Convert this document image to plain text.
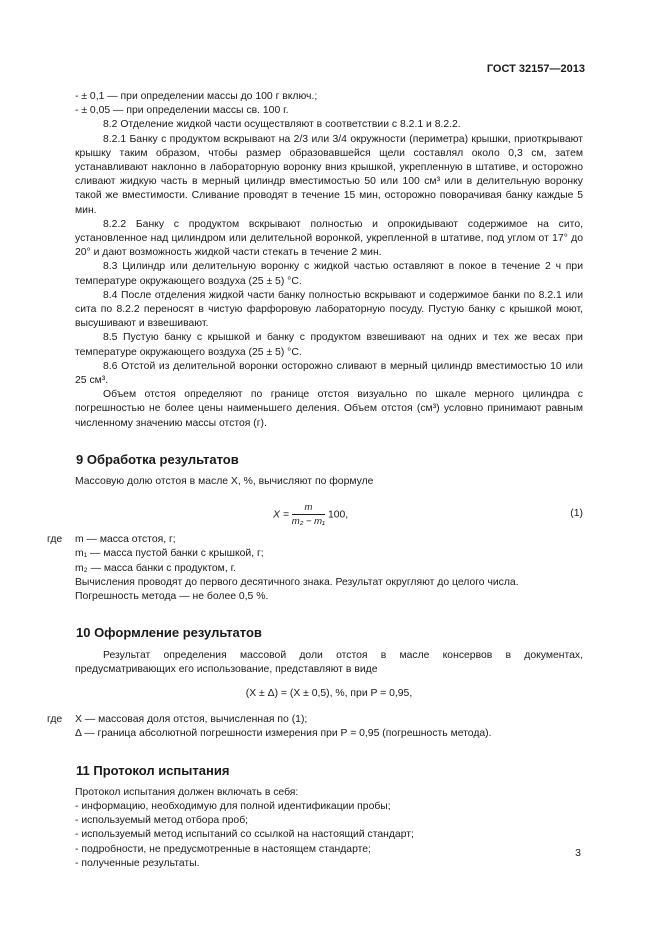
ГОСТ 32157—2013

- ± 0,1 — при определении массы до 100 г включ.;

- ± 0,05 — при определении массы св. 100 г.

8.2 Отделение жидкой части осуществляют в соответствии с 8.2.1 и 8.2.2.

8.2.1 Банку с продуктом вскрывают на 2/3 или 3/4 окружности (периметра) крышки, приоткрывают крышку таким образом, чтобы размер образовавшейся щели составлял около 0,3 см, затем устанавливают наклонно в лабораторную воронку вниз крышкой, укрепленную в штативе, и осторожно сливают жидкую часть в мерный цилиндр вместимостью 50 или 100 см³ или в делительную воронку такой же вместимости. Сливание проводят в течение 15 мин, осторожно поворачивая банку каждые 5 мин.

8.2.2 Банку с продуктом вскрывают полностью и опрокидывают содержимое на сито, установленное над цилиндром или делительной воронкой, укрепленной в штативе, под углом от 17° до 20° и дают возможность жидкой части стекать в течение 2 мин.

8.3 Цилиндр или делительную воронку с жидкой частью оставляют в покое в течение 2 ч при температуре окружающего воздуха (25 ± 5) °С.

8.4 После отделения жидкой части банку полностью вскрывают и содержимое банки по 8.2.1 или сита по 8.2.2 переносят в чистую фарфоровую лабораторную посуду. Пустую банку с крышкой моют, высушивают и взвешивают.

8.5 Пустую банку с крышкой и банку с продуктом взвешивают на одних и тех же весах при температуре окружающего воздуха (25 ± 5) °С.

8.6 Отстой из делительной воронки осторожно сливают в мерный цилиндр вместимостью 10 или 25 см³.

Объем отстоя определяют по границе отстоя визуально по шкале мерного цилиндра с погрешностью не более цены наименьшего деления. Объем отстоя (см³) условно принимают равным численному значению массы отстоя (г).

9 Обработка результатов

Массовую долю отстоя в масле X, %, вычисляют по формуле

$X = \frac{m}{\text{m₂ − m₁}} 100$,	(1)
где m — масса отстоя, г;

m₁ — масса пустой банки с крышкой, г;

m₂ — масса банки с продуктом, г.

Вычисления проводят до первого десятичного знака. Результат округляют до целого числа.

Погрешность метода — не более 0,5 %.

10 Оформление результатов

Результат определения массовой доли отстоя в масле консервов в документах, предусматривающих его использование, представляют в виде

(X ± Δ) = (X ± 0,5), %, при P = 0,95,

где X — массовая доля отстоя, вычисленная по (1);

Δ — граница абсолютной погрешности измерения при P = 0,95 (погрешность метода).

11 Протокол испытания

Протокол испытания должен включать в себя:

- информацию, необходимую для полной идентификации пробы;

- используемый метод отбора проб;

- используемый метод испытаний со ссылкой на настоящий стандарт;

- подробности, не предусмотренные в настоящем стандарте;

- полученные результаты.

3
